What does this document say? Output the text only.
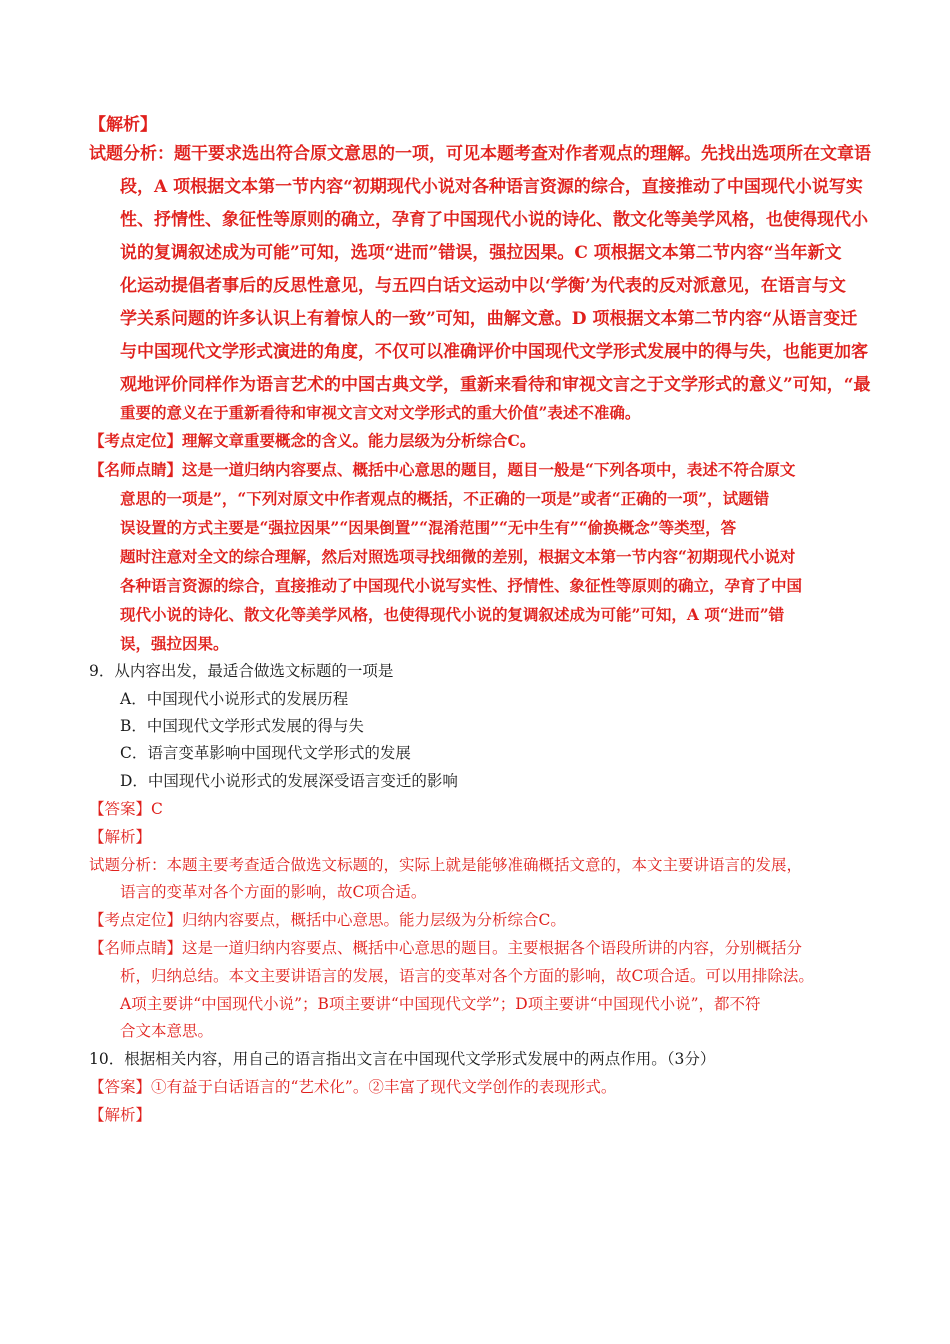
【解析】
试题分析：题干要求选出符合原文意思的一项，可见本题考查对作者观点的理解。先找出选项所在文章语
段，A 项根据文本第一节内容“初期现代小说对各种语言资源的综合，直接推动了中国现代小说写实
性、抒情性、象征性等原则的确立，孕育了中国现代小说的诗化、散文化等美学风格，也使得现代小
说的复调叙述成为可能”可知，选项“进而”错误，强拉因果。C 项根据文本第二节内容“当年新文
化运动提倡者事后的反思性意见，与五四白话文运动中以‘学衡’为代表的反对派意见，在语言与文
学关系问题的许多认识上有着惊人的一致”可知，曲解文意。D 项根据文本第二节内容“从语言变迁
与中国现代文学形式演进的角度，不仅可以准确评价中国现代文学形式发展中的得与失，也能更加客
观地评价同样作为语言艺术的中国古典文学，重新来看待和审视文言之于文学形式的意义”可知，“最
重要的意义在于重新看待和审视文言文对文学形式的重大价值”表述不准确。
【考点定位】理解文章重要概念的含义。能力层级为分析综合C。
【名师点睛】这是一道归纳内容要点、概括中心意思的题目，题目一般是“下列各项中，表述不符合原文
意思的一项是”，“下列对原文中作者观点的概括，不正确的一项是”或者“正确的一项”，试题错
误设置的方式主要是“强拉因果”“因果倒置”“混淆范围”“无中生有”“偷换概念”等类型，答
题时注意对全文的综合理解，然后对照选项寻找细微的差别，根据文本第一节内容“初期现代小说对
各种语言资源的综合，直接推动了中国现代小说写实性、抒情性、象征性等原则的确立，孕育了中国
现代小说的诗化、散文化等美学风格，也使得现代小说的复调叙述成为可能”可知，A 项“进而”错
误，强拉因果。
9．从内容出发，最适合做选文标题的一项是
A．中国现代小说形式的发展历程
B．中国现代文学形式发展的得与失
C．语言变革影响中国现代文学形式的发展
D．中国现代小说形式的发展深受语言变迁的影响
【答案】C
【解析】
试题分析：本题主要考查适合做选文标题的，实际上就是能够准确概括文意的，本文主要讲语言的发展，
语言的变革对各个方面的影响，故C项合适。
【考点定位】归纳内容要点，概括中心意思。能力层级为分析综合C。
【名师点睛】这是一道归纳内容要点、概括中心意思的题目。主要根据各个语段所讲的内容，分别概括分
析，归纳总结。本文主要讲语言的发展，语言的变革对各个方面的影响，故C项合适。可以用排除法。
A项主要讲“中国现代小说”；B项主要讲“中国现代文学”；D项主要讲“中国现代小说”，都不符
合文本意思。
10．根据相关内容，用自己的语言指出文言在中国现代文学形式发展中的两点作用。（3分）
【答案】①有益于白话语言的“艺术化”。②丰富了现代文学创作的表现形式。
【解析】
